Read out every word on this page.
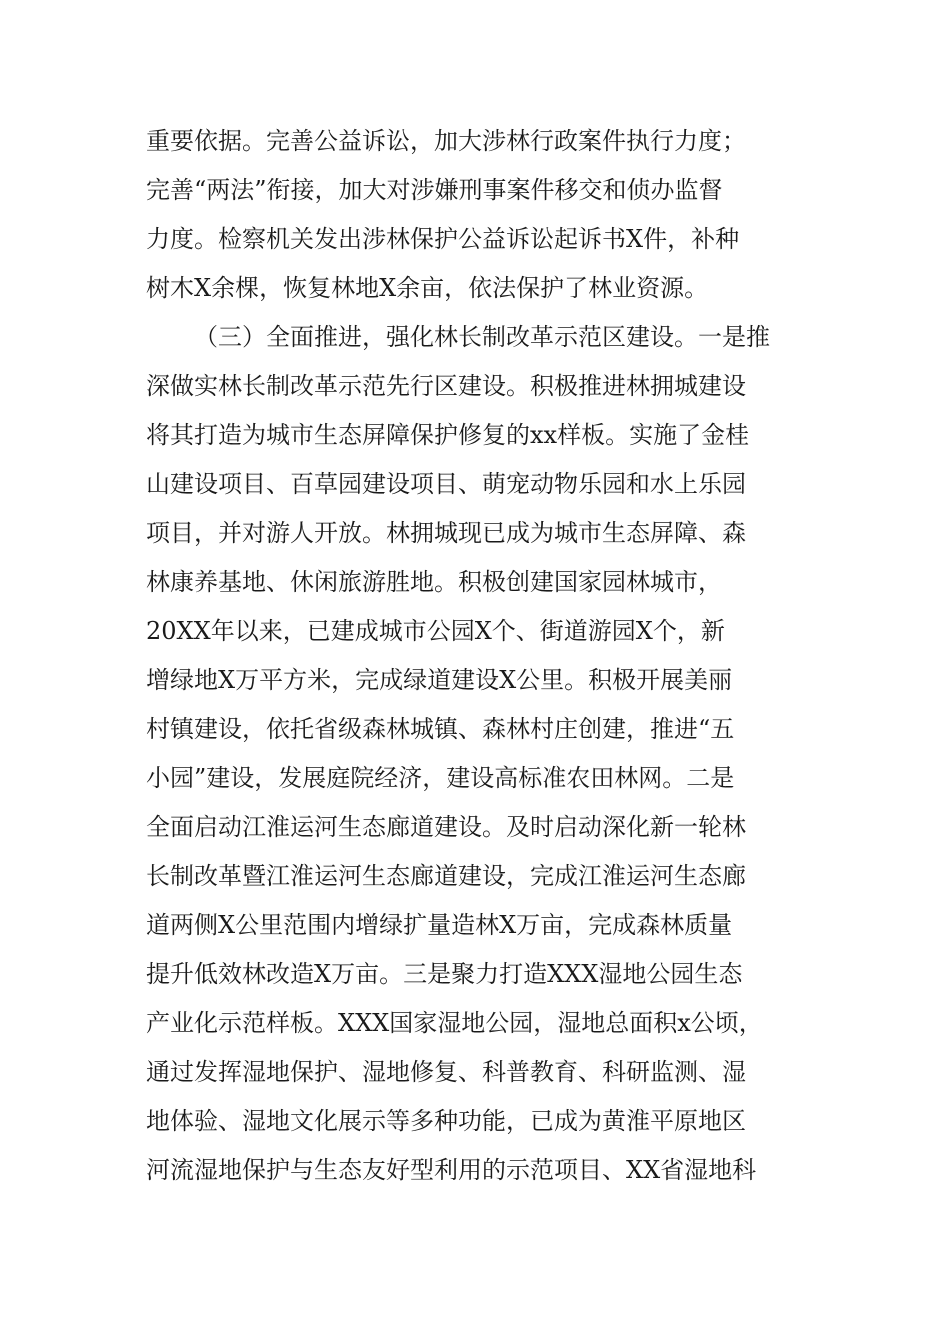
重要依据。完善公益诉讼，加大涉林行政案件执行力度；
完善“两法”衔接，加大对涉嫌刑事案件移交和侦办监督
力度。检察机关发出涉林保护公益诉讼起诉书X件，补种
树木X余棵，恢复林地X余亩，依法保护了林业资源。
（三）全面推进，强化林长制改革示范区建设。一是推
深做实林长制改革示范先行区建设。积极推进林拥城建设
将其打造为城市生态屏障保护修复的xx样板。实施了金桂
山建设项目、百草园建设项目、萌宠动物乐园和水上乐园
项目，并对游人开放。林拥城现已成为城市生态屏障、森
林康养基地、休闲旅游胜地。积极创建国家园林城市，
20XX年以来，已建成城市公园X个、街道游园X个，新
增绿地X万平方米，完成绿道建设X公里。积极开展美丽
村镇建设，依托省级森林城镇、森林村庄创建，推进“五
小园”建设，发展庭院经济，建设高标准农田林网。二是
全面启动江淮运河生态廊道建设。及时启动深化新一轮林
长制改革暨江淮运河生态廊道建设，完成江淮运河生态廊
道两侧X公里范围内增绿扩量造林X万亩，完成森林质量
提升低效林改造X万亩。三是聚力打造XXX湿地公园生态
产业化示范样板。XXX国家湿地公园，湿地总面积x公顷，
通过发挥湿地保护、湿地修复、科普教育、科研监测、湿
地体验、湿地文化展示等多种功能，已成为黄淮平原地区
河流湿地保护与生态友好型利用的示范项目、XX省湿地科
